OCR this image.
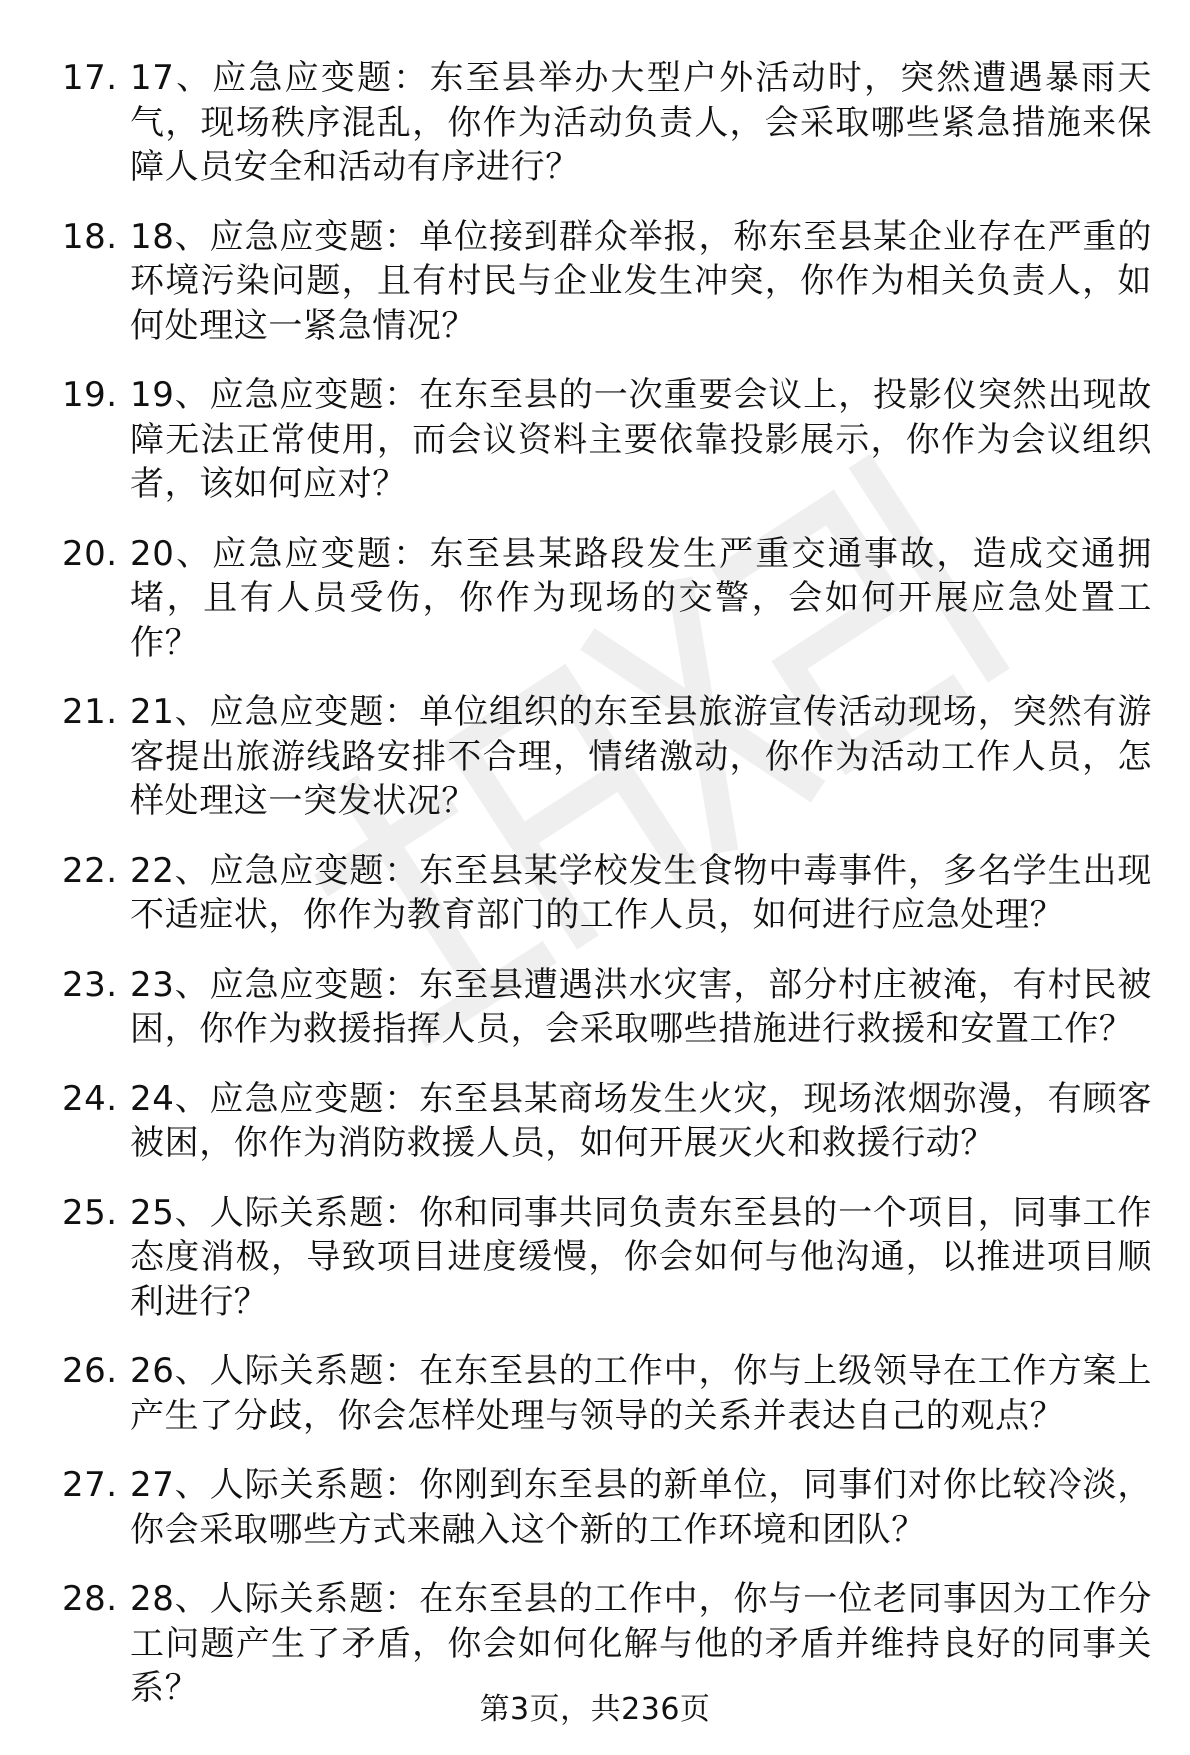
17. 17、应急应变题：东至县举办大型户外活动时，突然遭遇暴雨天气，现场秩序混乱，你作为活动负责人，会采取哪些紧急措施来保障人员安全和活动有序进行？
18. 18、应急应变题：单位接到群众举报，称东至县某企业存在严重的环境污染问题，且有村民与企业发生冲突，你作为相关负责人，如何处理这一紧急情况？
19. 19、应急应变题：在东至县的一次重要会议上，投影仪突然出现故障无法正常使用，而会议资料主要依靠投影展示，你作为会议组织者，该如何应对？
20. 20、应急应变题：东至县某路段发生严重交通事故，造成交通拥堵，且有人员受伤，你作为现场的交警，会如何开展应急处置工作？
21. 21、应急应变题：单位组织的东至县旅游宣传活动现场，突然有游客提出旅游线路安排不合理，情绪激动，你作为活动工作人员，怎样处理这一突发状况？
22. 22、应急应变题：东至县某学校发生食物中毒事件，多名学生出现不适症状，你作为教育部门的工作人员，如何进行应急处理？
23. 23、应急应变题：东至县遭遇洪水灾害，部分村庄被淹，有村民被困，你作为救援指挥人员，会采取哪些措施进行救援和安置工作？
24. 24、应急应变题：东至县某商场发生火灾，现场浓烟弥漫，有顾客被困，你作为消防救援人员，如何开展灭火和救援行动？
25. 25、人际关系题：你和同事共同负责东至县的一个项目，同事工作态度消极，导致项目进度缓慢，你会如何与他沟通，以推进项目顺利进行？
26. 26、人际关系题：在东至县的工作中，你与上级领导在工作方案上产生了分歧，你会怎样处理与领导的关系并表达自己的观点？
27. 27、人际关系题：你刚到东至县的新单位，同事们对你比较冷淡，你会采取哪些方式来融入这个新的工作环境和团队？
28. 28、人际关系题：在东至县的工作中，你与一位老同事因为工作分工问题产生了矛盾，你会如何化解与他的矛盾并维持良好的同事关系？
第3页，共236页
